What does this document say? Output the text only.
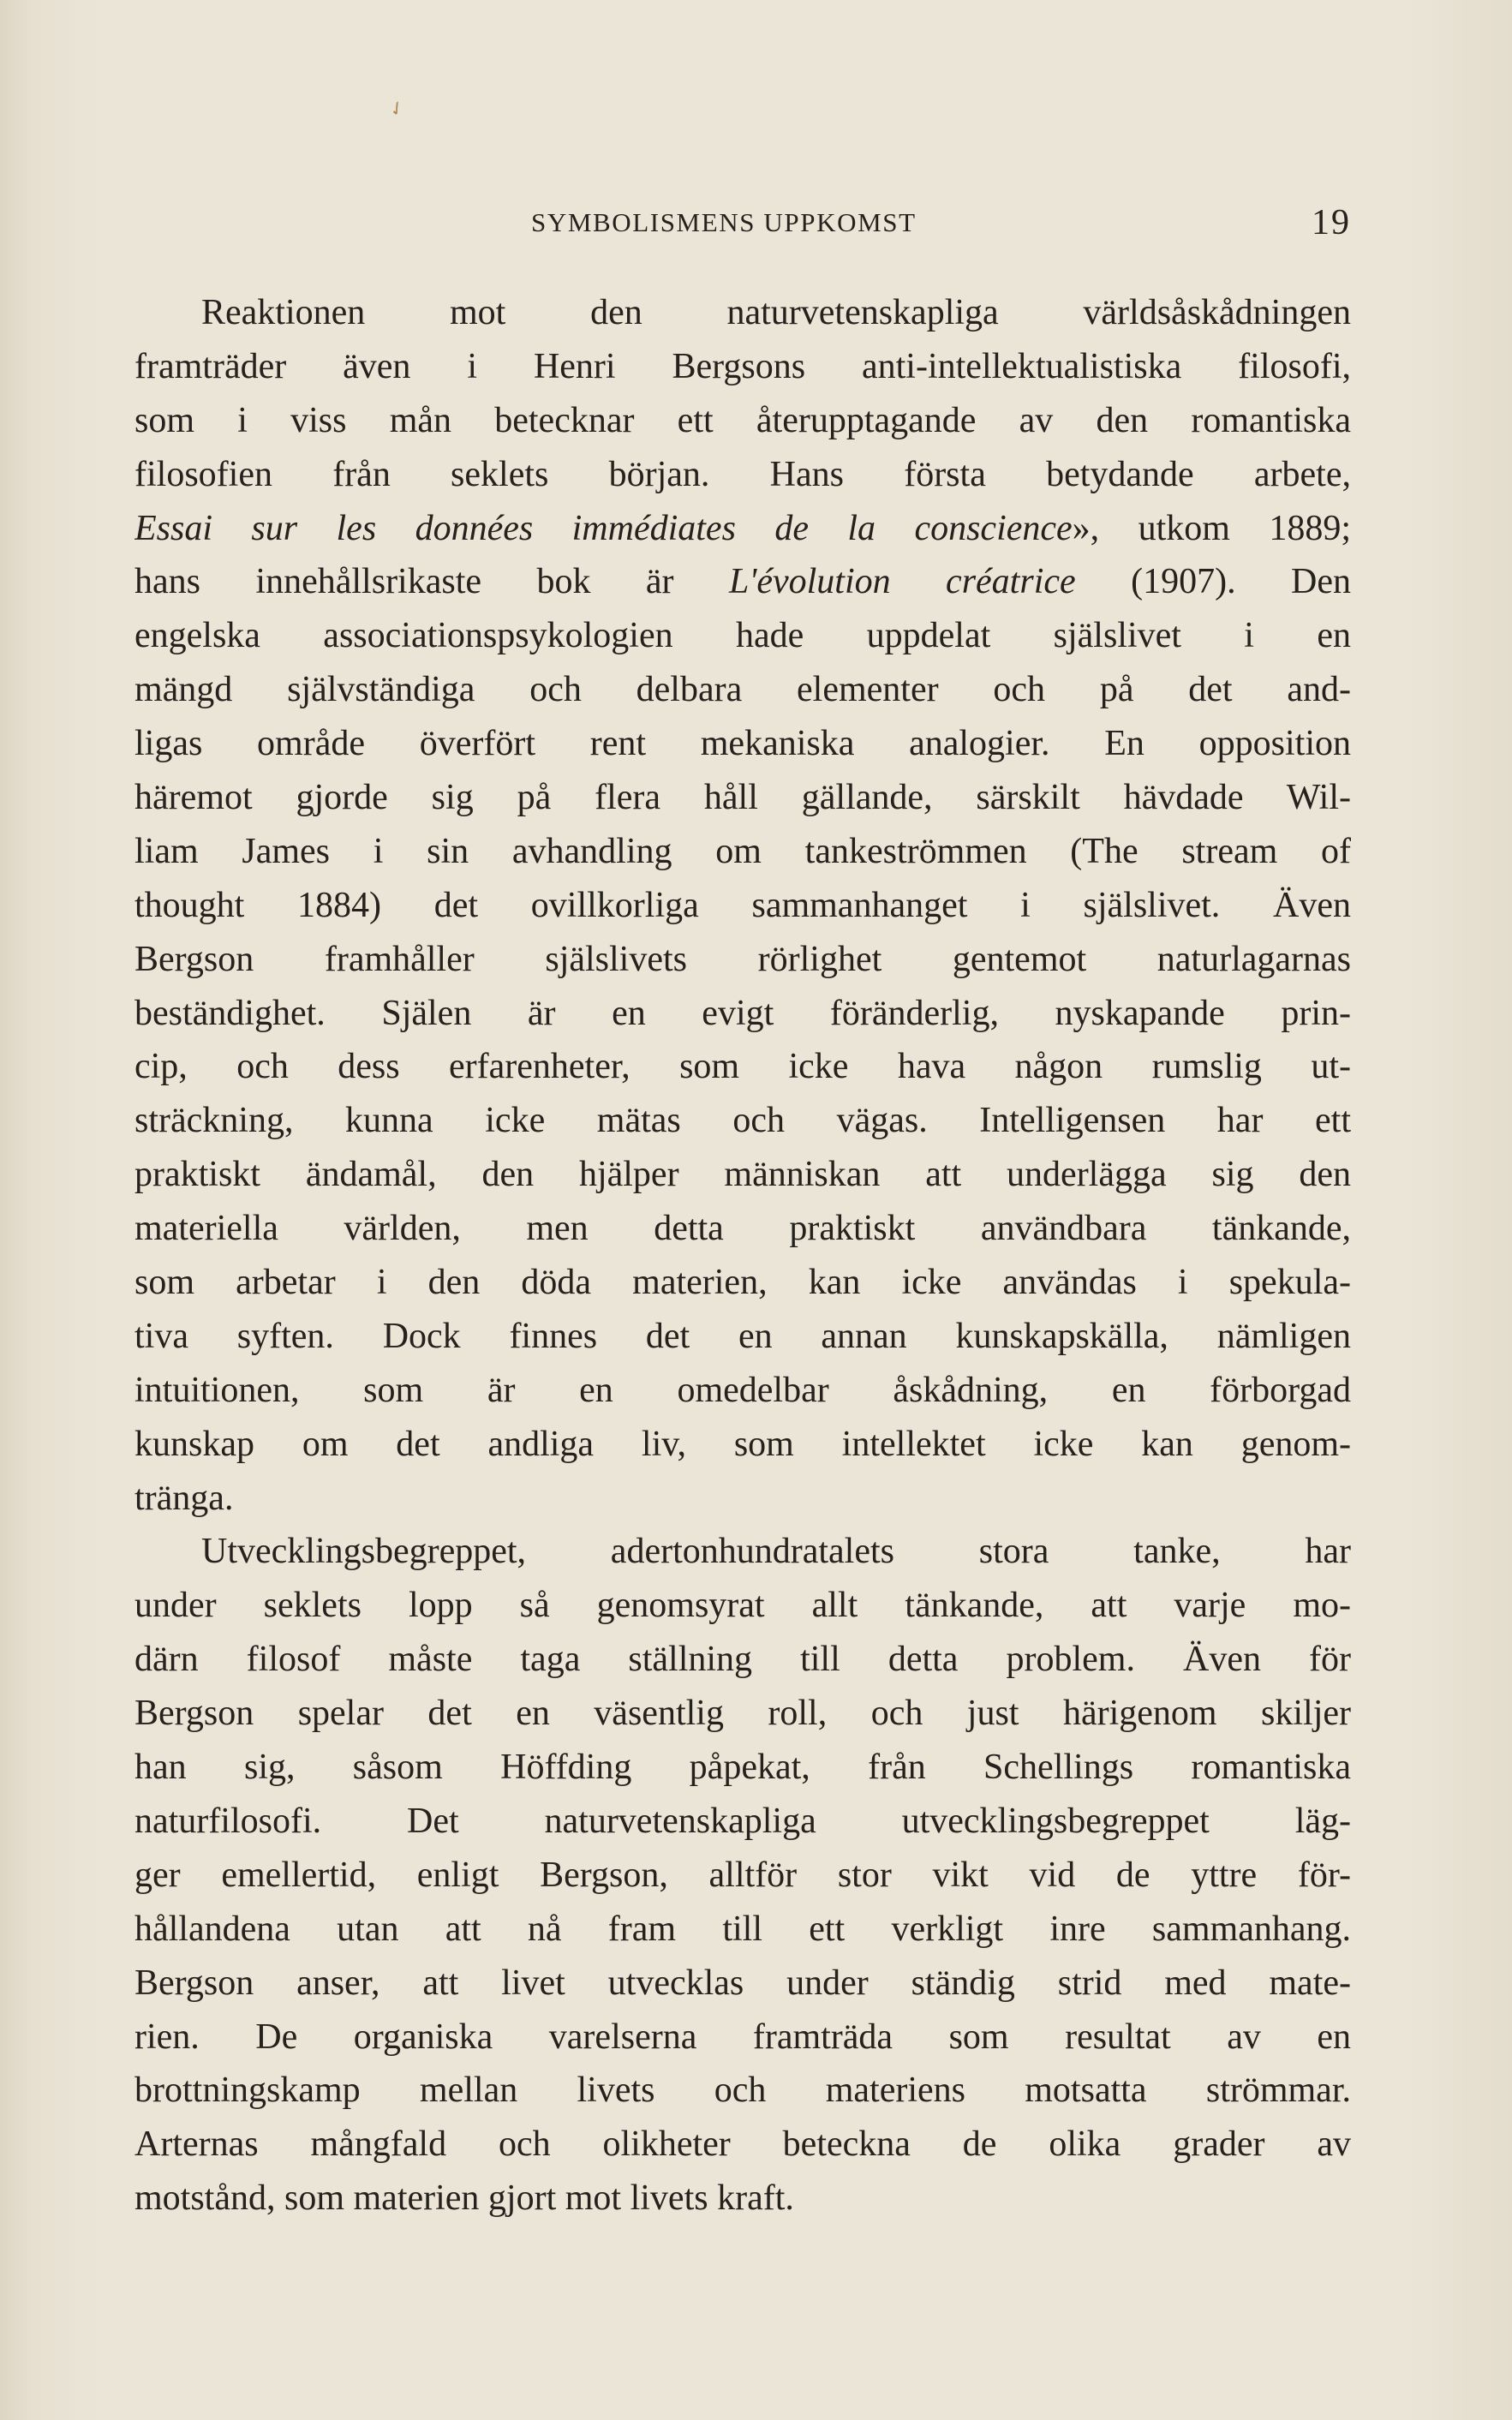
✓
SYMBOLISMENS UPPKOMST	19
Reaktionen mot den naturvetenskapliga världsåskådningen
framträder även i Henri Bergsons anti-intellektualistiska filosofi,
som i viss mån betecknar ett återupptagande av den romantiska
filosofien från seklets början. Hans första betydande arbete,
Essai sur les données immédiates de la conscience», utkom 1889;
hans innehållsrikaste bok är L'évolution créatrice (1907). Den
engelska associationspsykologien hade uppdelat själslivet i en
mängd självständiga och delbara elementer och på det and-
ligas område överfört rent mekaniska analogier. En opposition
häremot gjorde sig på flera håll gällande, särskilt hävdade Wil-
liam James i sin avhandling om tankeströmmen (The stream of
thought 1884) det ovillkorliga sammanhanget i själslivet. Även
Bergson framhåller själslivets rörlighet gentemot naturlagarnas
beständighet. Själen är en evigt föränderlig, nyskapande prin-
cip, och dess erfarenheter, som icke hava någon rumslig ut-
sträckning, kunna icke mätas och vägas. Intelligensen har ett
praktiskt ändamål, den hjälper människan att underlägga sig den
materiella världen, men detta praktiskt användbara tänkande,
som arbetar i den döda materien, kan icke användas i spekula-
tiva syften. Dock finnes det en annan kunskapskälla, nämligen
intuitionen, som är en omedelbar åskådning, en förborgad
kunskap om det andliga liv, som intellektet icke kan genom-
tränga.
Utvecklingsbegreppet, adertonhundratalets stora tanke, har
under seklets lopp så genomsyrat allt tänkande, att varje mo-
därn filosof måste taga ställning till detta problem. Även för
Bergson spelar det en väsentlig roll, och just härigenom skiljer
han sig, såsom Höffding påpekat, från Schellings romantiska
naturfilosofi. Det naturvetenskapliga utvecklingsbegreppet läg-
ger emellertid, enligt Bergson, alltför stor vikt vid de yttre för-
hållandena utan att nå fram till ett verkligt inre sammanhang.
Bergson anser, att livet utvecklas under ständig strid med mate-
rien. De organiska varelserna framträda som resultat av en
brottningskamp mellan livets och materiens motsatta strömmar.
Arternas mångfald och olikheter beteckna de olika grader av
motstånd, som materien gjort mot livets kraft.
